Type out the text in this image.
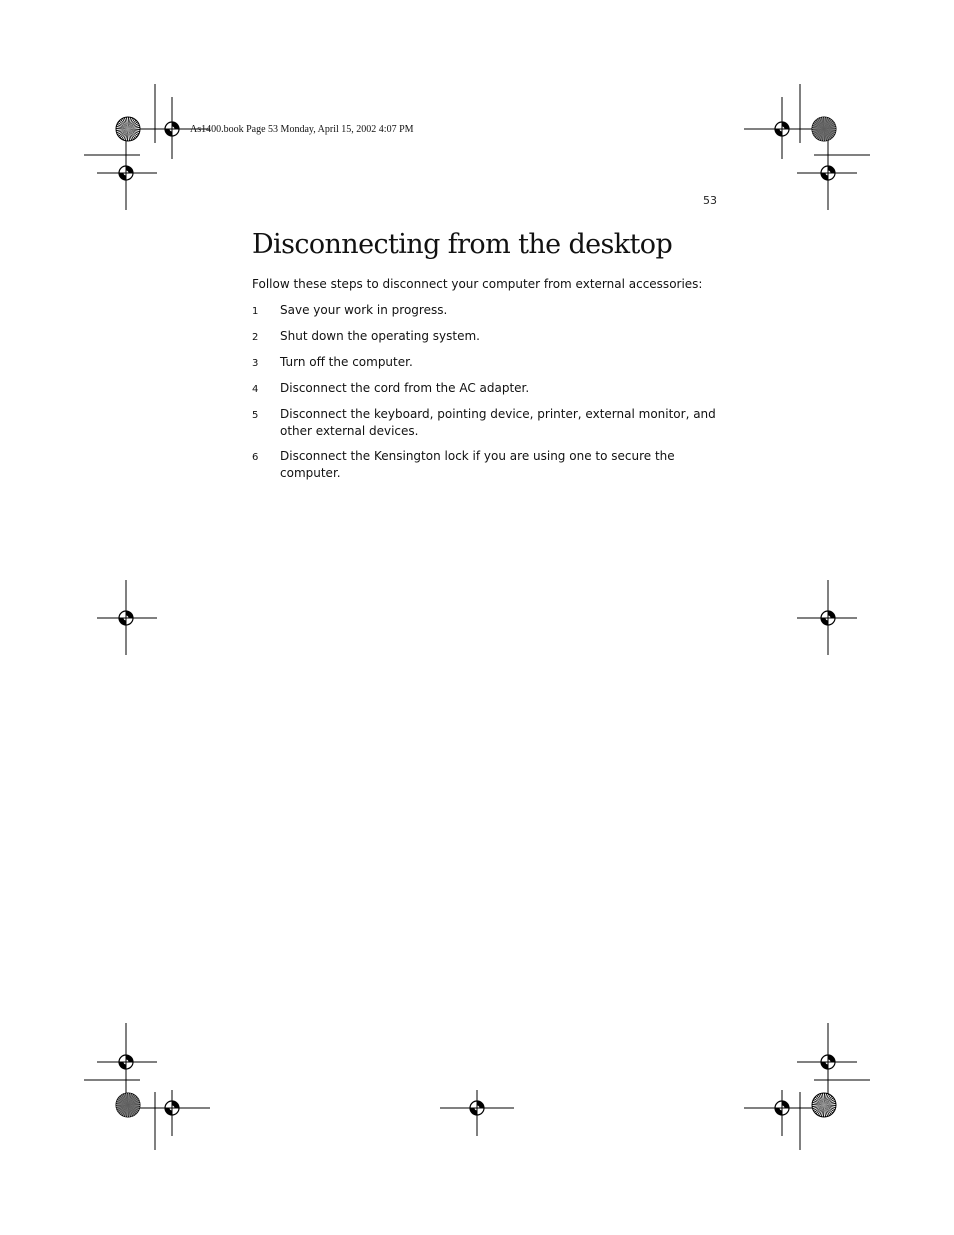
As1400.book Page 53 Monday, April 15, 2002 4:07 PM
53
Disconnecting from the desktop

Follow these steps to disconnect your computer from external accessories:

1	Save your work in progress.
2	Shut down the operating system.
3	Turn off the computer.
4	Disconnect the cord from the AC adapter.
5	Disconnect the keyboard, pointing device, printer, external monitor, and other external devices.
6	Disconnect the Kensington lock if you are using one to secure the computer.
